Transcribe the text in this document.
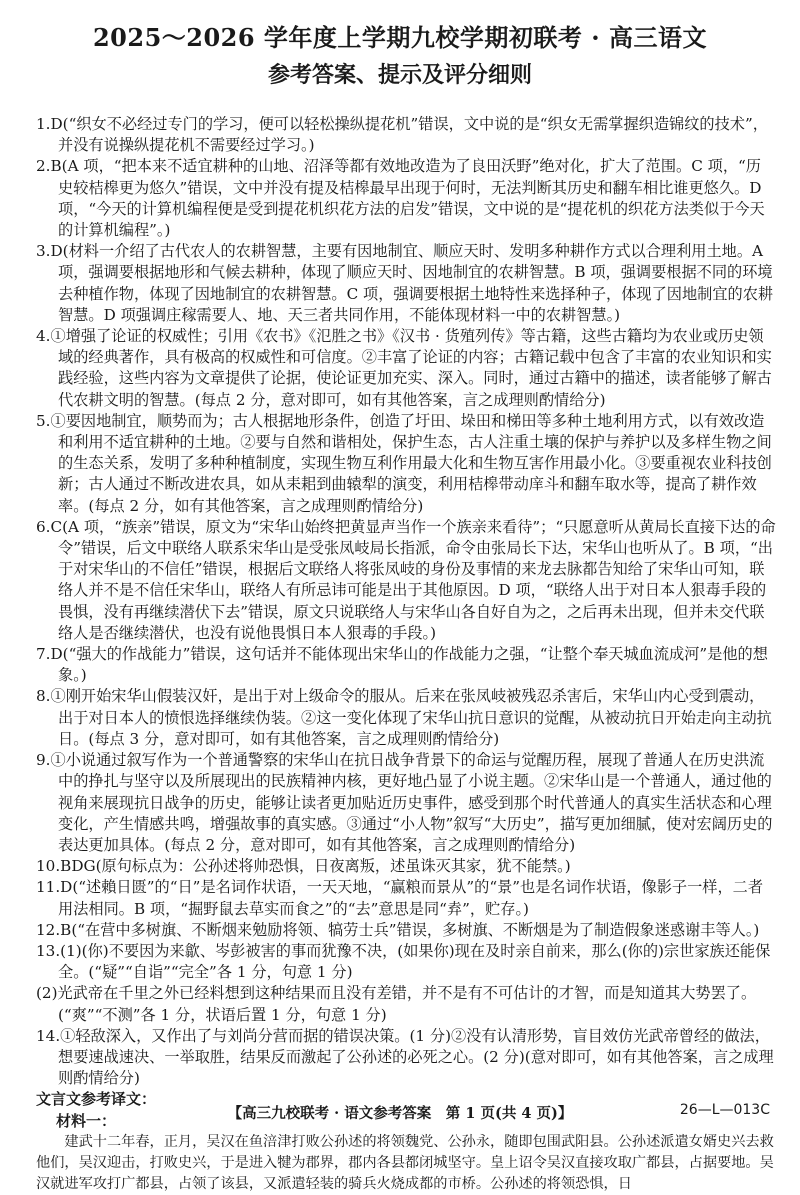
2025～2026 学年度上学期九校学期初联考 · 高三语文
参考答案、提示及评分细则

1.D(“织女不必经过专门的学习，便可以轻松操纵提花机”错误，文中说的是“织女无需掌握织造锦纹的技术”，并没有说操纵提花机不需要经过学习。)

2.B(A 项，“把本来不适宜耕种的山地、沼泽等都有效地改造为了良田沃野”绝对化，扩大了范围。C 项，“历史较桔槔更为悠久”错误，文中并没有提及桔槔最早出现于何时，无法判断其历史和翻车相比谁更悠久。D 项，“今天的计算机编程便是受到提花机织花方法的启发”错误，文中说的是“提花机的织花方法类似于今天的计算机编程”。)

3.D(材料一介绍了古代农人的农耕智慧，主要有因地制宜、顺应天时、发明多种耕作方式以合理利用土地。A 项，强调要根据地形和气候去耕种，体现了顺应天时、因地制宜的农耕智慧。B 项，强调要根据不同的环境去种植作物，体现了因地制宜的农耕智慧。C 项，强调要根据土地特性来选择种子，体现了因地制宜的农耕智慧。D 项强调庄稼需要人、地、天三者共同作用，不能体现材料一中的农耕智慧。)

4.①增强了论证的权威性；引用《农书》《氾胜之书》《汉书 · 货殖列传》等古籍，这些古籍均为农业或历史领域的经典著作，具有极高的权威性和可信度。②丰富了论证的内容；古籍记载中包含了丰富的农业知识和实践经验，这些内容为文章提供了论据，使论证更加充实、深入。同时，通过古籍中的描述，读者能够了解古代农耕文明的智慧。(每点 2 分，意对即可，如有其他答案，言之成理则酌情给分)

5.①要因地制宜，顺势而为；古人根据地形条件，创造了圩田、垛田和梯田等多种土地利用方式，以有效改造和利用不适宜耕种的土地。②要与自然和谐相处，保护生态，古人注重土壤的保护与养护以及多样生物之间的生态关系，发明了多种种植制度，实现生物互利作用最大化和生物互害作用最小化。③要重视农业科技创新；古人通过不断改进农具，如从耒耜到曲辕犁的演变，利用桔槔带动庠斗和翻车取水等，提高了耕作效率。(每点 2 分，如有其他答案，言之成理则酌情给分)

6.C(A 项，“族亲”错误，原文为“宋华山始终把黄显声当作一个族亲来看待”；“只愿意听从黄局长直接下达的命令”错误，后文中联络人联系宋华山是受张凤岐局长指派，命令由张局长下达，宋华山也听从了。B 项，“出于对宋华山的不信任”错误，根据后文联络人将张凤岐的身份及事情的来龙去脉都告知给了宋华山可知，联络人并不是不信任宋华山，联络人有所忌讳可能是出于其他原因。D 项，“联络人出于对日本人狠毒手段的畏惧，没有再继续潜伏下去”错误，原文只说联络人与宋华山各自好自为之，之后再未出现，但并未交代联络人是否继续潜伏，也没有说他畏惧日本人狠毒的手段。)

7.D(“强大的作战能力”错误，这句话并不能体现出宋华山的作战能力之强，“让整个奉天城血流成河”是他的想象。)

8.①刚开始宋华山假装汉奸，是出于对上级命令的服从。后来在张凤岐被残忍杀害后，宋华山内心受到震动，出于对日本人的愤恨选择继续伪装。②这一变化体现了宋华山抗日意识的觉醒，从被动抗日开始走向主动抗日。(每点 3 分，意对即可，如有其他答案，言之成理则酌情给分)

9.①小说通过叙写作为一个普通警察的宋华山在抗日战争背景下的命运与觉醒历程，展现了普通人在历史洪流中的挣扎与坚守以及所展现出的民族精神内核，更好地凸显了小说主题。②宋华山是一个普通人，通过他的视角来展现抗日战争的历史，能够让读者更加贴近历史事件，感受到那个时代普通人的真实生活状态和心理变化，产生情感共鸣，增强故事的真实感。③通过“小人物”叙写“大历史”，描写更加细腻，使对宏阔历史的表达更加具体。(每点 2 分，意对即可，如有其他答案，言之成理则酌情给分)

10.BDG(原句标点为：公孙述将帅恐惧，日夜离叛，述虽诛灭其家，犹不能禁。)

11.D(“述賴日匮”的“日”是名词作状语，一天天地，“赢粮而景从”的“景”也是名词作状语，像影子一样，二者用法相同。B 项，“掘野鼠去草实而食之”的“去”意思是同“弆”，贮存。)

12.B(“在营中多树旗、不断烟来勉励将领、犒劳士兵”错误，多树旗、不断烟是为了制造假象迷惑谢丰等人。)

13.(1)(你)不要因为来歙、岑彭被害的事而犹豫不决，(如果你)现在及时亲自前来，那么(你的)宗世家族还能保全。(“疑”“自诣”“完全”各 1 分，句意 1 分)

(2)光武帝在千里之外已经料想到这种结果而且没有差错，并不是有不可估计的才智，而是知道其大势罢了。(“爽”“不测”各 1 分，状语后置 1 分，句意 1 分)

14.①轻敌深入，又作出了与刘尚分营而据的错误决策。(1 分)②没有认清形势，盲目效仿光武帝曾经的做法，想要速战速决、一举取胜，结果反而激起了公孙述的必死之心。(2 分)(意对即可，如有其他答案，言之成理则酌情给分)

文言文参考译文：

材料一：

建武十二年春，正月，吴汉在鱼涪津打败公孙述的将领魏党、公孙永，随即包围武阳县。公孙述派遣女婿史兴去救他们，吴汉迎击，打败史兴，于是进入犍为郡界，郡内各县都闭城坚守。皇上诏令吴汉直接攻取广都县，占据要地。吴汉就进军攻打广都县，占领了该县，又派遣轻装的骑兵火烧成都的市桥。公孙述的将领恐惧，日

【高三九校联考 · 语文参考答案　第 1 页(共 4 页)】	26—L—013C
